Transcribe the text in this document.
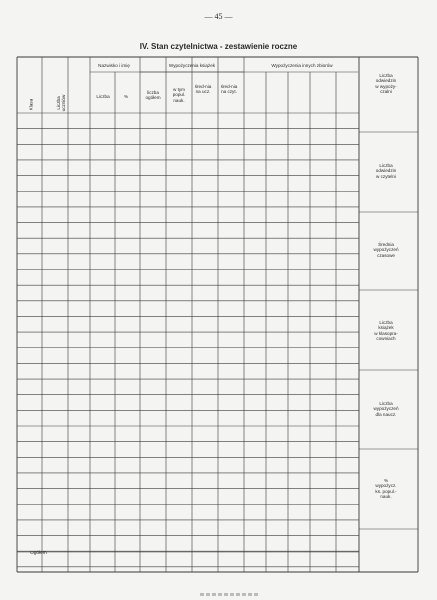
— 45 —
IV. Stan czytelnictwa - zestawienie roczne
Klasa	Liczba uczniów
Nazwisko i imię
Liczba	%
Wypożyczenia książek
liczba ogółem
w tym popul. nauk.
śred-nia na ucz.
śred-nia na czyt.
Wypożyczenia innych zbiorów
Liczba
odwiedzin
w wypoży-
czalni
Liczba
odwiedzin
w czytelni
Średnia
wypożyczeń
czasowe
Liczba
książek
w klasopra-
cowniach
Liczba
wypożyczeń
dla naucz.
%
wypożycz.
ks. popul.-
nauk.
Ogółem
